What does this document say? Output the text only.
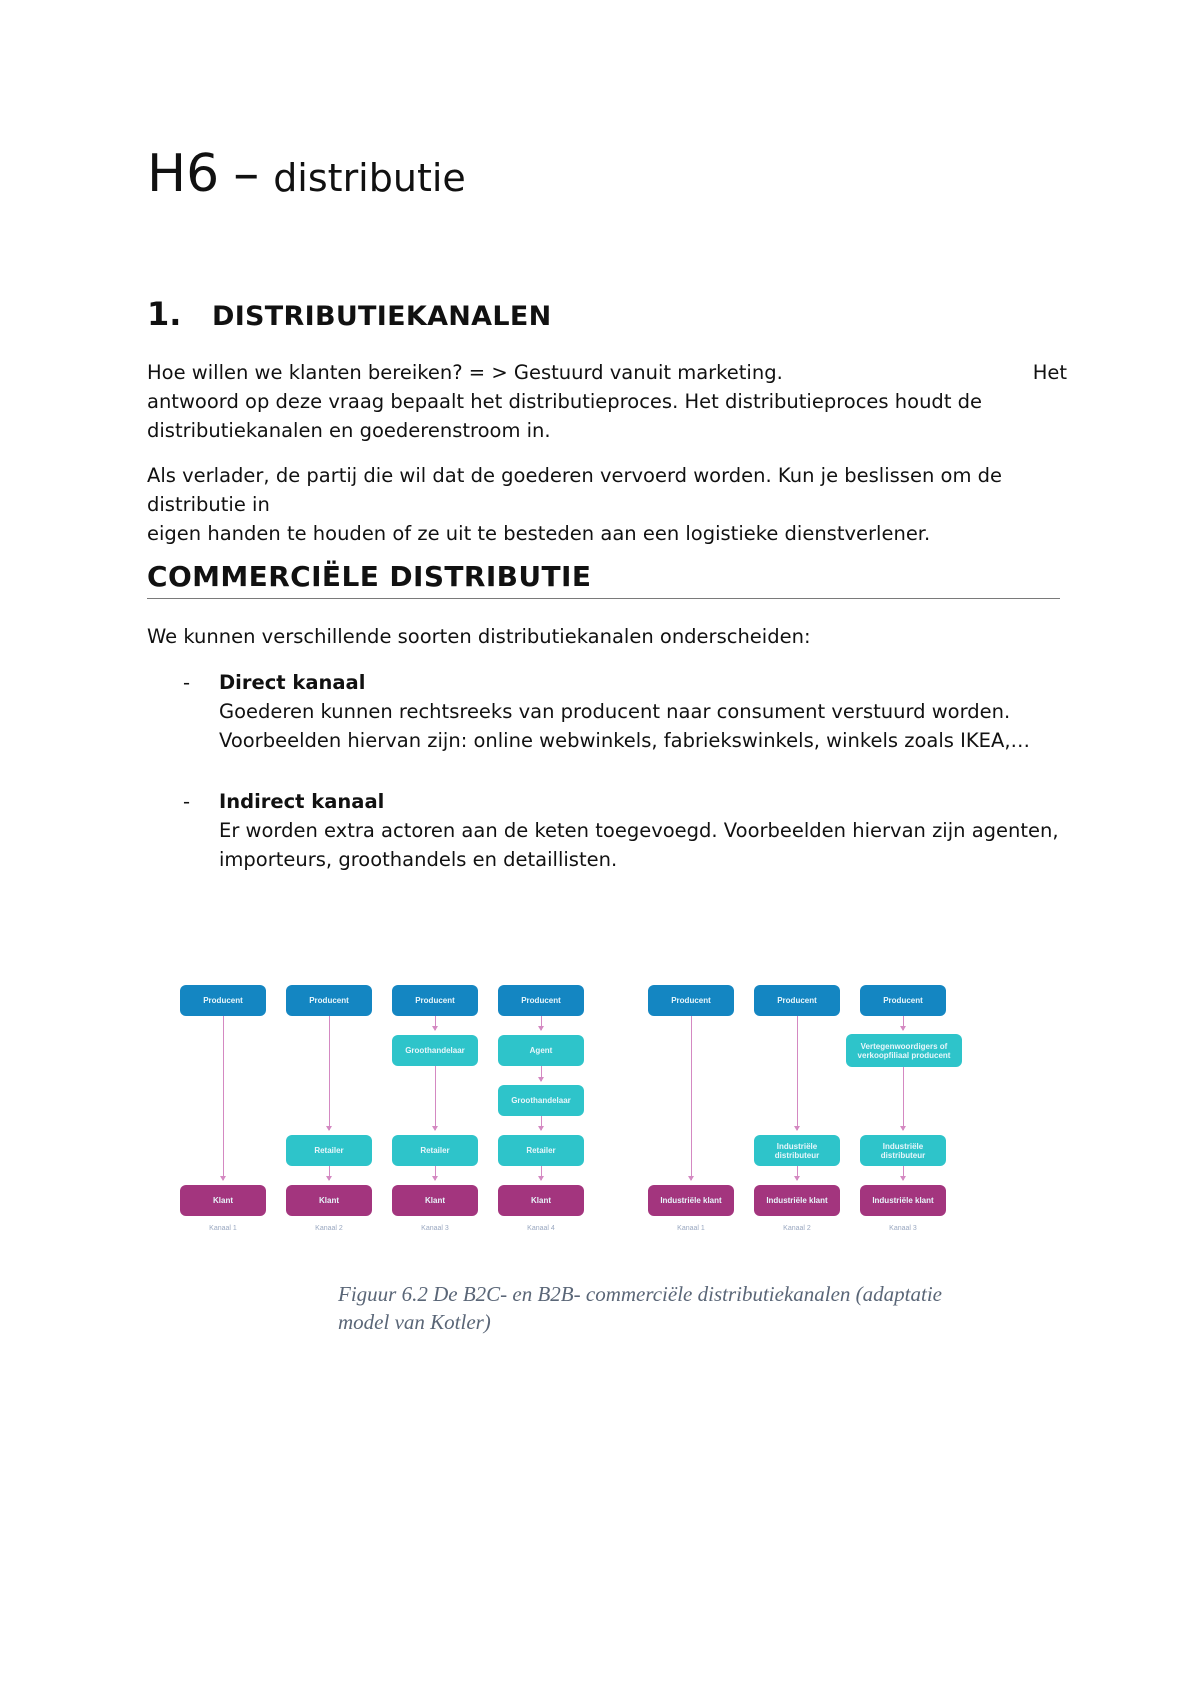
H6 – distributie
1. DISTRIBUTIEKANALEN
Hoe willen we klanten bereiken? = > Gestuurd vanuit marketing.	Het
antwoord op deze vraag bepaalt het distributieproces. Het distributieproces houdt de
distributiekanalen en goederenstroom in.
Als verlader, de partij die wil dat de goederen vervoerd worden. Kun je beslissen om de distributie in
eigen handen te houden of ze uit te besteden aan een logistieke dienstverlener.
COMMERCIËLE DISTRIBUTIE
We kunnen verschillende soorten distributiekanalen onderscheiden:
- Direct kanaal
Goederen kunnen rechtsreeks van producent naar consument verstuurd worden.
Voorbeelden hiervan zijn: online webwinkels, fabriekswinkels, winkels zoals IKEA,…
- Indirect kanaal
Er worden extra actoren aan de keten toegevoegd. Voorbeelden hiervan zijn agenten,
importeurs, groothandels en detaillisten.
Producent
Klant
Kanaal 1
Producent
Retailer
Klant
Kanaal 2
Producent
Groothandelaar
Retailer
Klant
Kanaal 3
Producent
Agent
Groothandelaar
Retailer
Klant
Kanaal 4
Producent
Industriële klant
Kanaal 1
Producent
Industriële distributeur
Industriële klant
Kanaal 2
Producent
Vertegenwoordigers of verkoopfiliaal producent
Industriële distributeur
Industriële klant
Kanaal 3
Figuur 6.2 De B2C- en B2B- commerciële distributiekanalen (adaptatie
model van Kotler)
